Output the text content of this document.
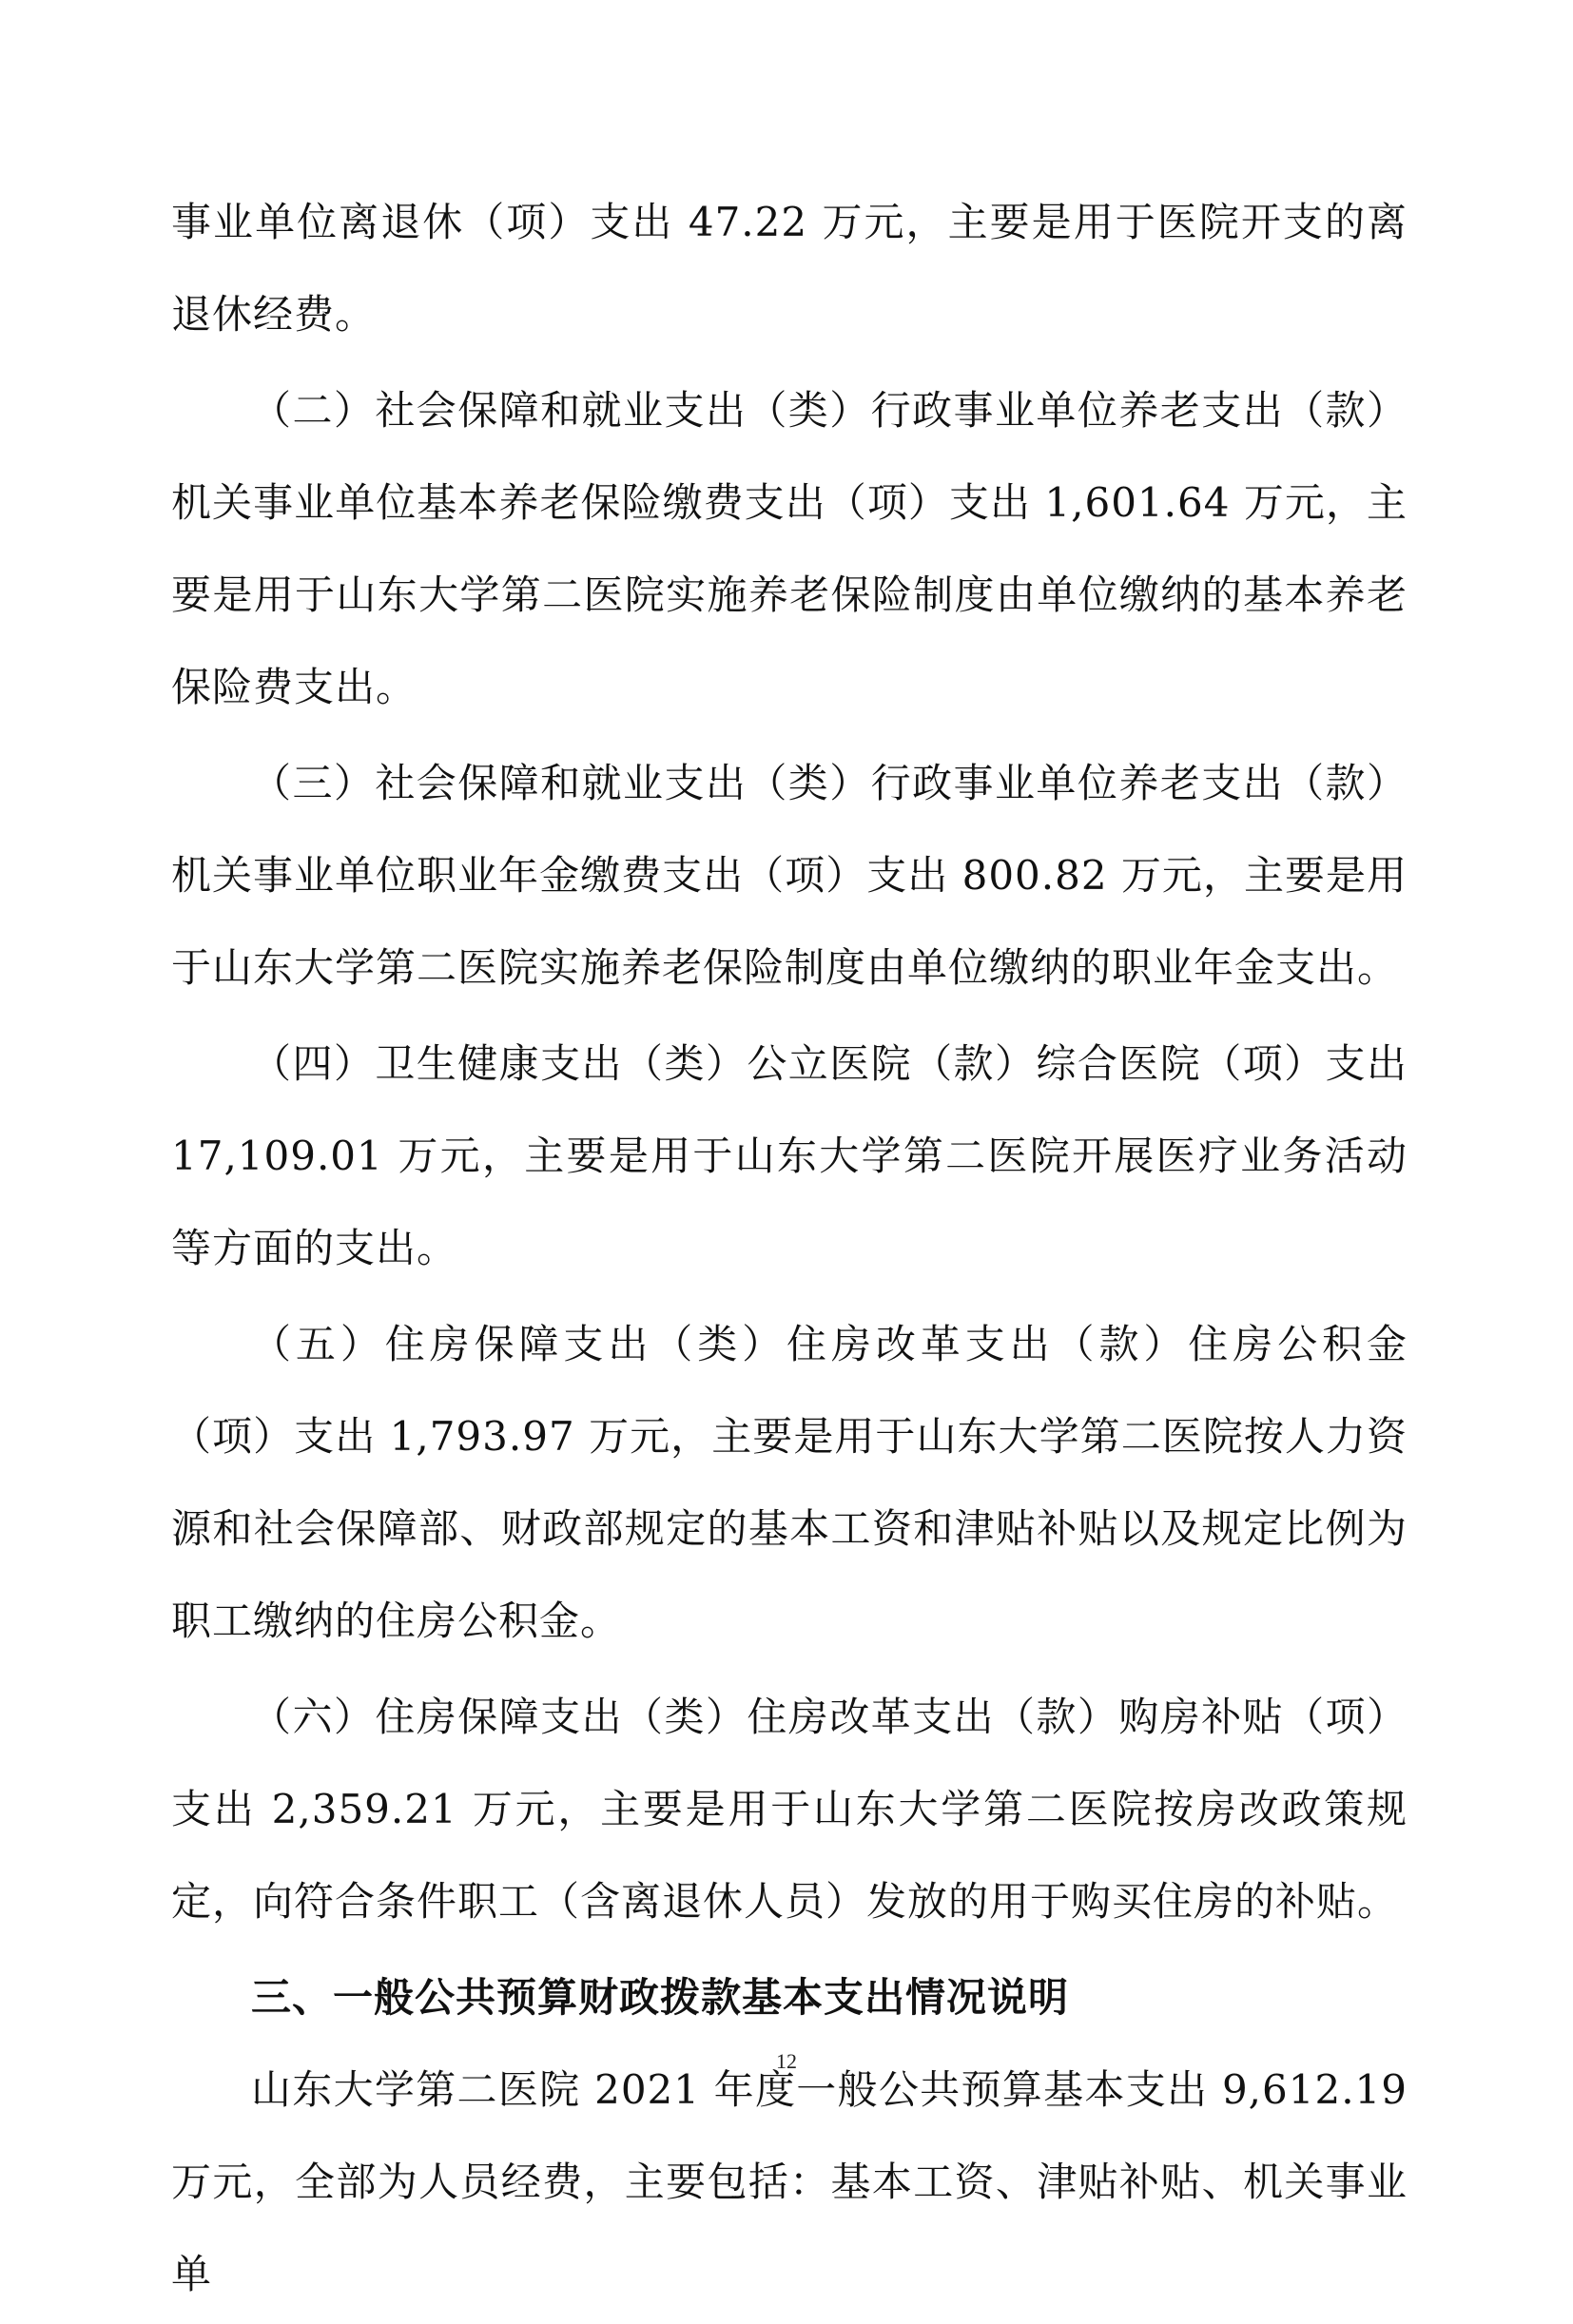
事业单位离退休（项）支出 47.22 万元，主要是用于医院开支的离退休经费。

（二）社会保障和就业支出（类）行政事业单位养老支出（款）机关事业单位基本养老保险缴费支出（项）支出 1,601.64 万元，主要是用于山东大学第二医院实施养老保险制度由单位缴纳的基本养老保险费支出。

（三）社会保障和就业支出（类）行政事业单位养老支出（款）机关事业单位职业年金缴费支出（项）支出 800.82 万元，主要是用于山东大学第二医院实施养老保险制度由单位缴纳的职业年金支出。

（四）卫生健康支出（类）公立医院（款）综合医院（项）支出 17,109.01 万元，主要是用于山东大学第二医院开展医疗业务活动等方面的支出。

（五）住房保障支出（类）住房改革支出（款）住房公积金（项）支出 1,793.97 万元，主要是用于山东大学第二医院按人力资源和社会保障部、财政部规定的基本工资和津贴补贴以及规定比例为职工缴纳的住房公积金。

（六）住房保障支出（类）住房改革支出（款）购房补贴（项）支出 2,359.21 万元，主要是用于山东大学第二医院按房改政策规定，向符合条件职工（含离退休人员）发放的用于购买住房的补贴。

三、一般公共预算财政拨款基本支出情况说明

山东大学第二医院 2021 年度一般公共预算基本支出 9,612.19 万元，全部为人员经费，主要包括：基本工资、津贴补贴、机关事业单

12
